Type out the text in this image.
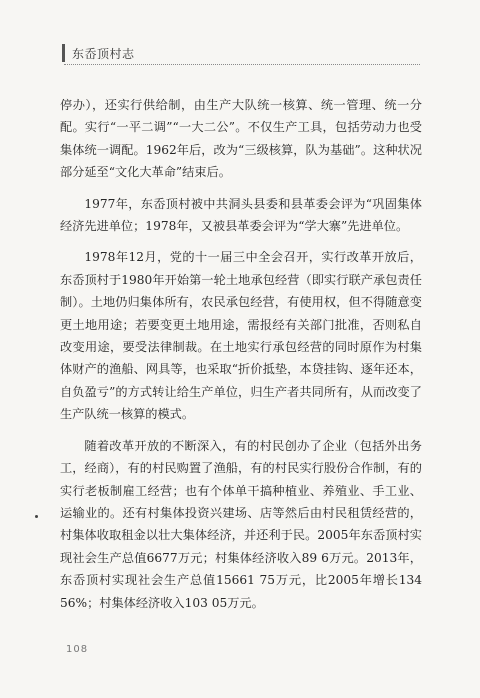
东岙顶村志

停办），还实行供给制，由生产大队统一核算、统一管理、统一分配。实行“一平二调”“一大二公”。不仅生产工具，包括劳动力也受集体统一调配。1962年后，改为“三级核算，队为基础”。这种状况部分延至“文化大革命”结束后。

1977年，东岙顶村被中共洞头县委和县革委会评为“巩固集体经济先进单位；1978年，又被县革委会评为“学大寨”先进单位。

1978年12月，党的十一届三中全会召开，实行改革开放后，东岙顶村于1980年开始第一轮土地承包经营（即实行联产承包责任制）。土地仍归集体所有，农民承包经营，有使用权，但不得随意变更土地用途；若要变更土地用途，需报经有关部门批准，否则私自改变用途，要受法律制裁。在土地实行承包经营的同时原作为村集体财产的渔船、网具等，也采取“折价抵垫，本贷挂钩、逐年还本，自负盈亏”的方式转让给生产单位，归生产者共同所有，从而改变了生产队统一核算的模式。

随着改革开放的不断深入，有的村民创办了企业（包括外出务工，经商），有的村民购置了渔船，有的村民实行股份合作制，有的实行老板制雇工经营；也有个体单干搞种植业、养殖业、手工业、运输业的。还有村集体投资兴建场、店等然后由村民租赁经营的，村集体收取租金以壮大集体经济，并还利于民。2005年东岙顶村实现社会生产总值6677万元；村集体经济收入89 6万元。2013年，东岙顶村实现社会生产总值15661 75万元，比2005年增长134 56%；村集体经济收入103 05万元。

108
